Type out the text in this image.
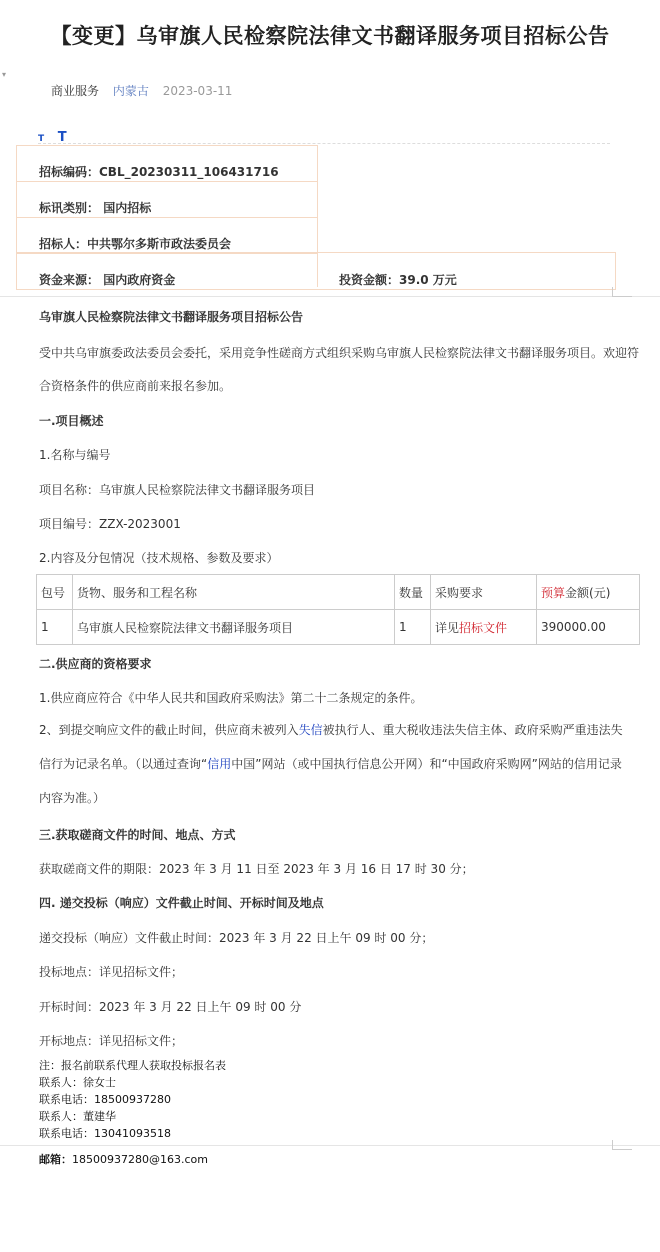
【变更】乌审旗人民检察院法律文书翻译服务项目招标公告
▾
商业服务 内蒙古 2023-03-11
T T
招标编码：CBL_20230311_106431716
标讯类别： 国内招标
招标人：中共鄂尔多斯市政法委员会
资金来源： 国内政府资金	投资金额：39.0 万元
乌审旗人民检察院法律文书翻译服务项目招标公告
受中共乌审旗委政法委员会委托，采用竞争性磋商方式组织采购乌审旗人民检察院法律文书翻译服务项目。欢迎符
合资格条件的供应商前来报名参加。
一.项目概述
1.名称与编号
项目名称：乌审旗人民检察院法律文书翻译服务项目
项目编号：ZZX-2023001
2.内容及分包情况（技术规格、参数及要求）
包号	货物、服务和工程名称	数量	采购要求	预算金额(元)
1	乌审旗人民检察院法律文书翻译服务项目	1	详见招标文件	390000.00
二.供应商的资格要求
1.供应商应符合《中华人民共和国政府采购法》第二十二条规定的条件。
2、到提交响应文件的截止时间，供应商未被列入失信被执行人、重大税收违法失信主体、政府采购严重违法失信行为记录名单。（以通过查询“信用中国”网站（或中国执行信息公开网）和“中国政府采购网”网站的信用记录内容为准。）
三.获取磋商文件的时间、地点、方式
获取磋商文件的期限：2023 年 3 月 11 日至 2023 年 3 月 16 日 17 时 30 分；
四. 递交投标（响应）文件截止时间、开标时间及地点
递交投标（响应）文件截止时间：2023 年 3 月 22 日上午 09 时 00 分；
投标地点：详见招标文件；
开标时间：2023 年 3 月 22 日上午 09 时 00 分
开标地点：详见招标文件；
注：报名前联系代理人获取投标报名表
联系人：徐女士
联系电话：18500937280
联系人：董建华
联系电话：13041093518
邮箱：18500937280@163.com
